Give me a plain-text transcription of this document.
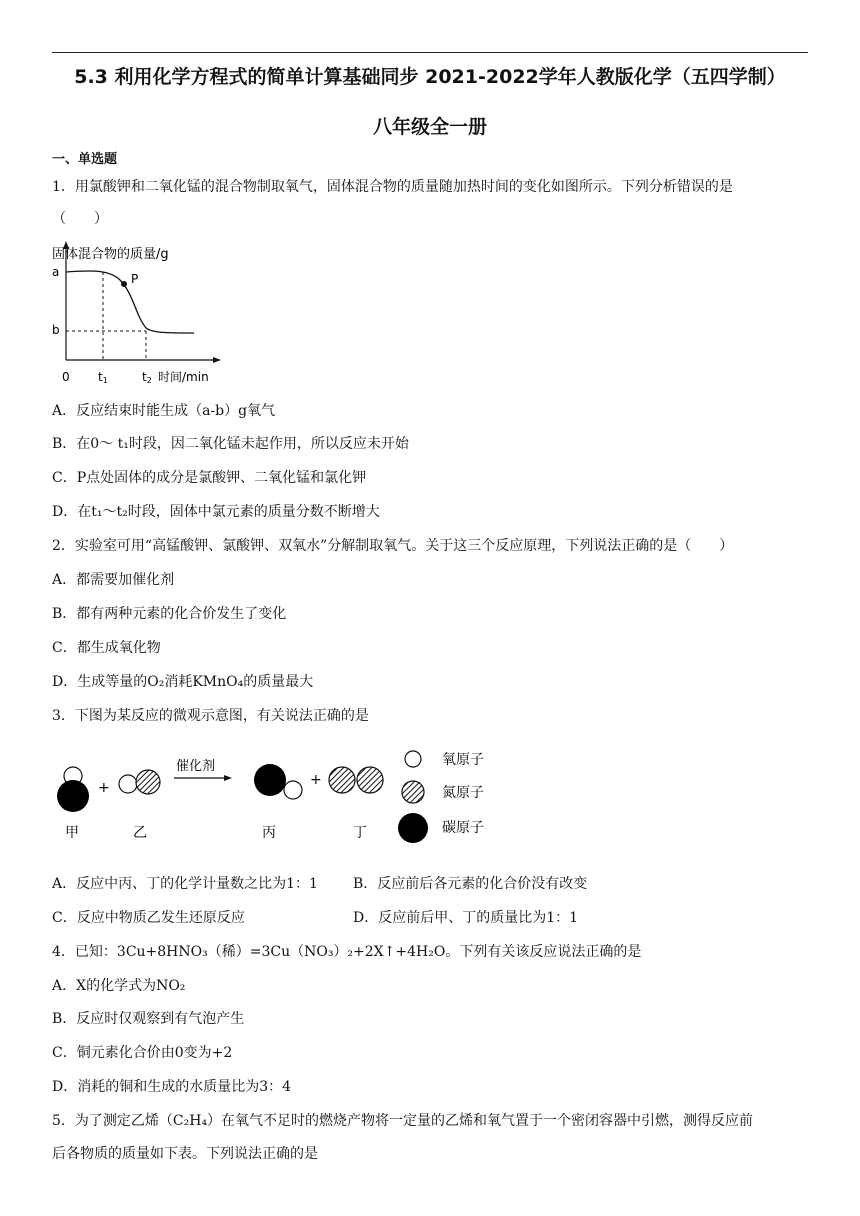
5.3 利用化学方程式的简单计算基础同步 2021-2022学年人教版化学（五四学制）
八年级全一册
一、单选题
1．用氯酸钾和二氧化锰的混合物制取氧气，固体混合物的质量随加热时间的变化如图所示。下列分析错误的是
（　　）
固体混合物的质量/g
a
b
P
0 t1	t2 时间/min
A．反应结束时能生成（a-b）g氧气
B．在0～ t₁时段，因二氧化锰未起作用，所以反应未开始
C．P点处固体的成分是氯酸钾、二氧化锰和氯化钾
D．在t₁～t₂时段，固体中氯元素的质量分数不断增大
2．实验室可用“高锰酸钾、氯酸钾、双氧水”分解制取氧气。关于这三个反应原理，下列说法正确的是（　　）
A．都需要加催化剂
B．都有两种元素的化合价发生了变化
C．都生成氧化物
D．生成等量的O₂消耗KMnO₄的质量最大
3．下图为某反应的微观示意图，有关说法正确的是
+
催化剂
+
甲	乙	丙	丁
氧原子
氮原子
碳原子
A．反应中丙、丁的化学计量数之比为1：1	B．反应前后各元素的化合价没有改变
C．反应中物质乙发生还原反应	D．反应前后甲、丁的质量比为1：1
4．已知：3Cu+8HNO₃（稀）=3Cu（NO₃）₂+2X↑+4H₂O。下列有关该反应说法正确的是
A．X的化学式为NO₂
B．反应时仅观察到有气泡产生
C．铜元素化合价由0变为+2
D．消耗的铜和生成的水质量比为3：4
5．为了测定乙烯（C₂H₄）在氧气不足时的燃烧产物将一定量的乙烯和氧气置于一个密闭容器中引燃，测得反应前
后各物质的质量如下表。下列说法正确的是
